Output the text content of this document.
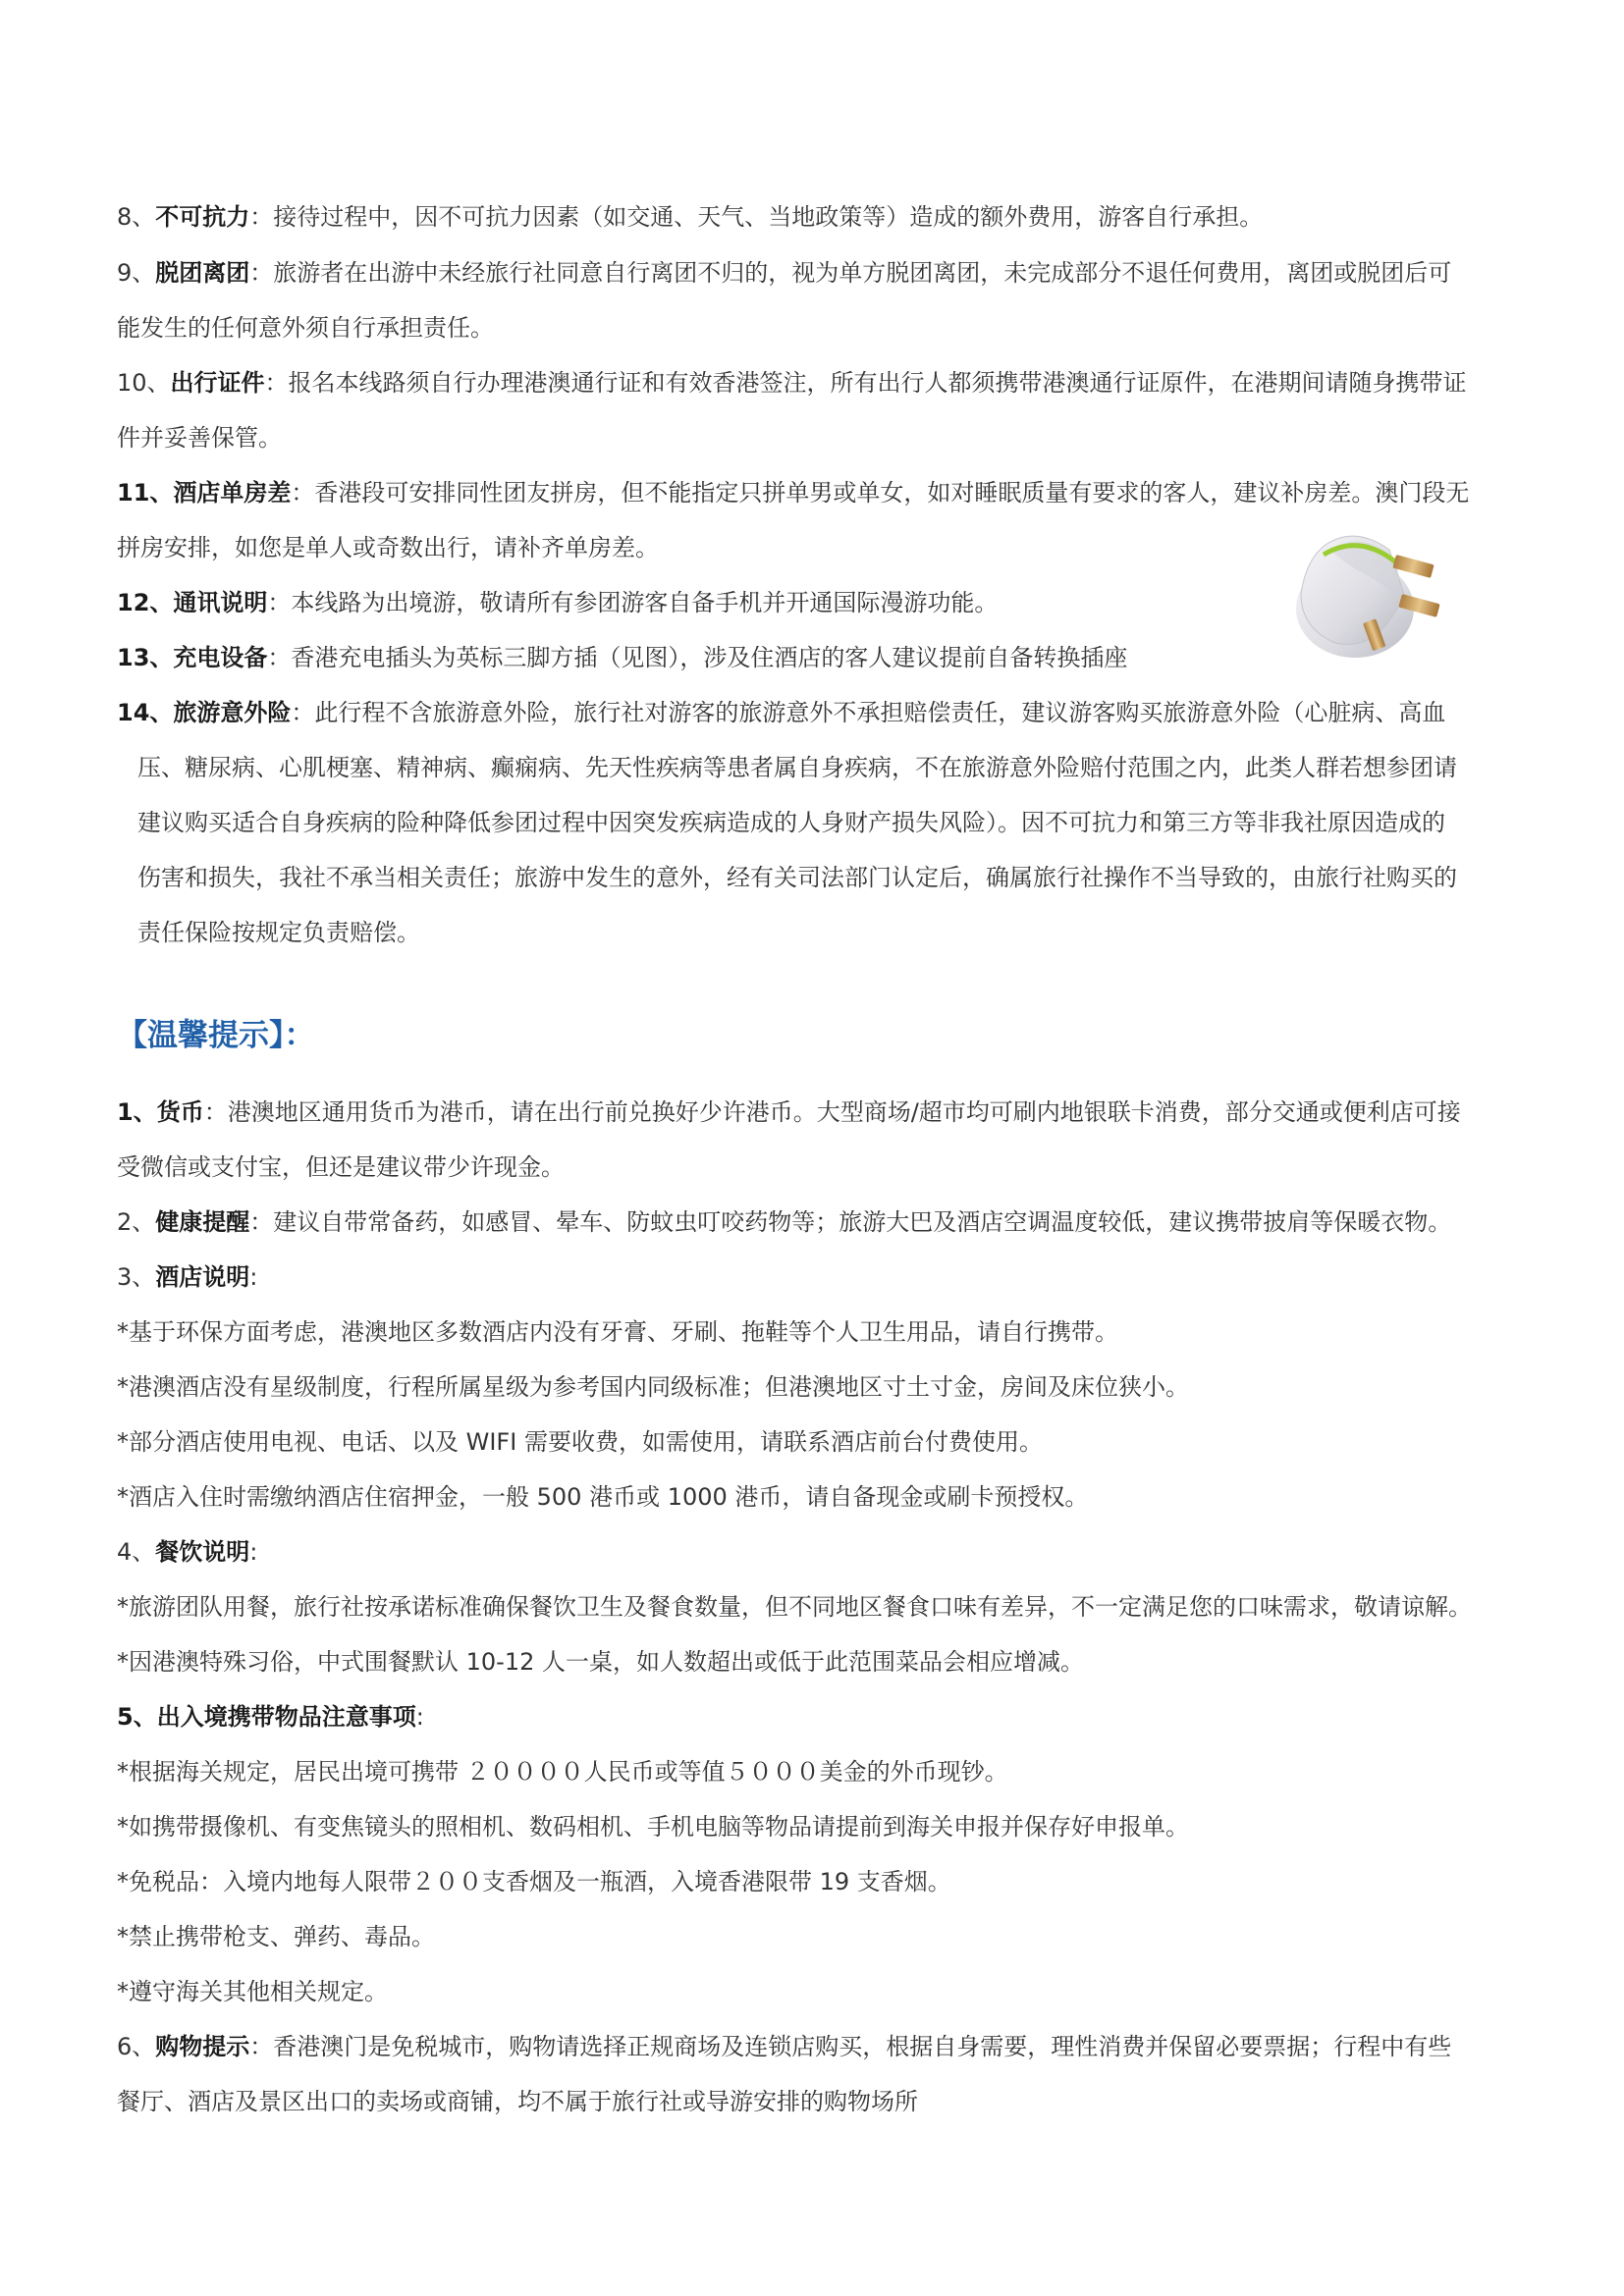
8、不可抗力：接待过程中，因不可抗力因素（如交通、天气、当地政策等）造成的额外费用，游客自行承担。

9、脱团离团：旅游者在出游中未经旅行社同意自行离团不归的，视为单方脱团离团，未完成部分不退任何费用，离团或脱团后可

能发生的任何意外须自行承担责任。

10、出行证件：报名本线路须自行办理港澳通行证和有效香港签注，所有出行人都须携带港澳通行证原件，在港期间请随身携带证

件并妥善保管。

11、酒店单房差：香港段可安排同性团友拼房，但不能指定只拼单男或单女，如对睡眠质量有要求的客人，建议补房差。澳门段无

拼房安排，如您是单人或奇数出行，请补齐单房差。

12、通讯说明：本线路为出境游，敬请所有参团游客自备手机并开通国际漫游功能。

13、充电设备：香港充电插头为英标三脚方插（见图），涉及住酒店的客人建议提前自备转换插座

14、旅游意外险：此行程不含旅游意外险，旅行社对游客的旅游意外不承担赔偿责任，建议游客购买旅游意外险（心脏病、高血

压、糖尿病、心肌梗塞、精神病、癫痫病、先天性疾病等患者属自身疾病，不在旅游意外险赔付范围之内，此类人群若想参团请

建议购买适合自身疾病的险种降低参团过程中因突发疾病造成的人身财产损失风险）。因不可抗力和第三方等非我社原因造成的

伤害和损失，我社不承当相关责任；旅游中发生的意外，经有关司法部门认定后，确属旅行社操作不当导致的，由旅行社购买的

责任保险按规定负责赔偿。

【温馨提示】：

1、货币：港澳地区通用货币为港币，请在出行前兑换好少许港币。大型商场/超市均可刷内地银联卡消费，部分交通或便利店可接

受微信或支付宝，但还是建议带少许现金。

2、健康提醒：建议自带常备药，如感冒、晕车、防蚊虫叮咬药物等；旅游大巴及酒店空调温度较低，建议携带披肩等保暖衣物。

3、酒店说明:

*基于环保方面考虑，港澳地区多数酒店内没有牙膏、牙刷、拖鞋等个人卫生用品，请自行携带。

*港澳酒店没有星级制度，行程所属星级为参考国内同级标准；但港澳地区寸土寸金，房间及床位狭小。

*部分酒店使用电视、电话、以及 WIFI 需要收费，如需使用，请联系酒店前台付费使用。

*酒店入住时需缴纳酒店住宿押金，一般 500 港币或 1000 港币，请自备现金或刷卡预授权。

4、餐饮说明:

*旅游团队用餐，旅行社按承诺标准确保餐饮卫生及餐食数量，但不同地区餐食口味有差异，不一定满足您的口味需求，敬请谅解。

*因港澳特殊习俗，中式围餐默认 10-12 人一桌，如人数超出或低于此范围菜品会相应增减。

5、出入境携带物品注意事项:

*根据海关规定，居民出境可携带 ２００００人民币或等值５０００美金的外币现钞。

*如携带摄像机、有变焦镜头的照相机、数码相机、手机电脑等物品请提前到海关申报并保存好申报单。

*免税品：入境内地每人限带２００支香烟及一瓶酒，入境香港限带 19 支香烟。

*禁止携带枪支、弹药、毒品。

*遵守海关其他相关规定。

6、购物提示：香港澳门是免税城市，购物请选择正规商场及连锁店购买，根据自身需要，理性消费并保留必要票据；行程中有些

餐厅、酒店及景区出口的卖场或商铺，均不属于旅行社或导游安排的购物场所
